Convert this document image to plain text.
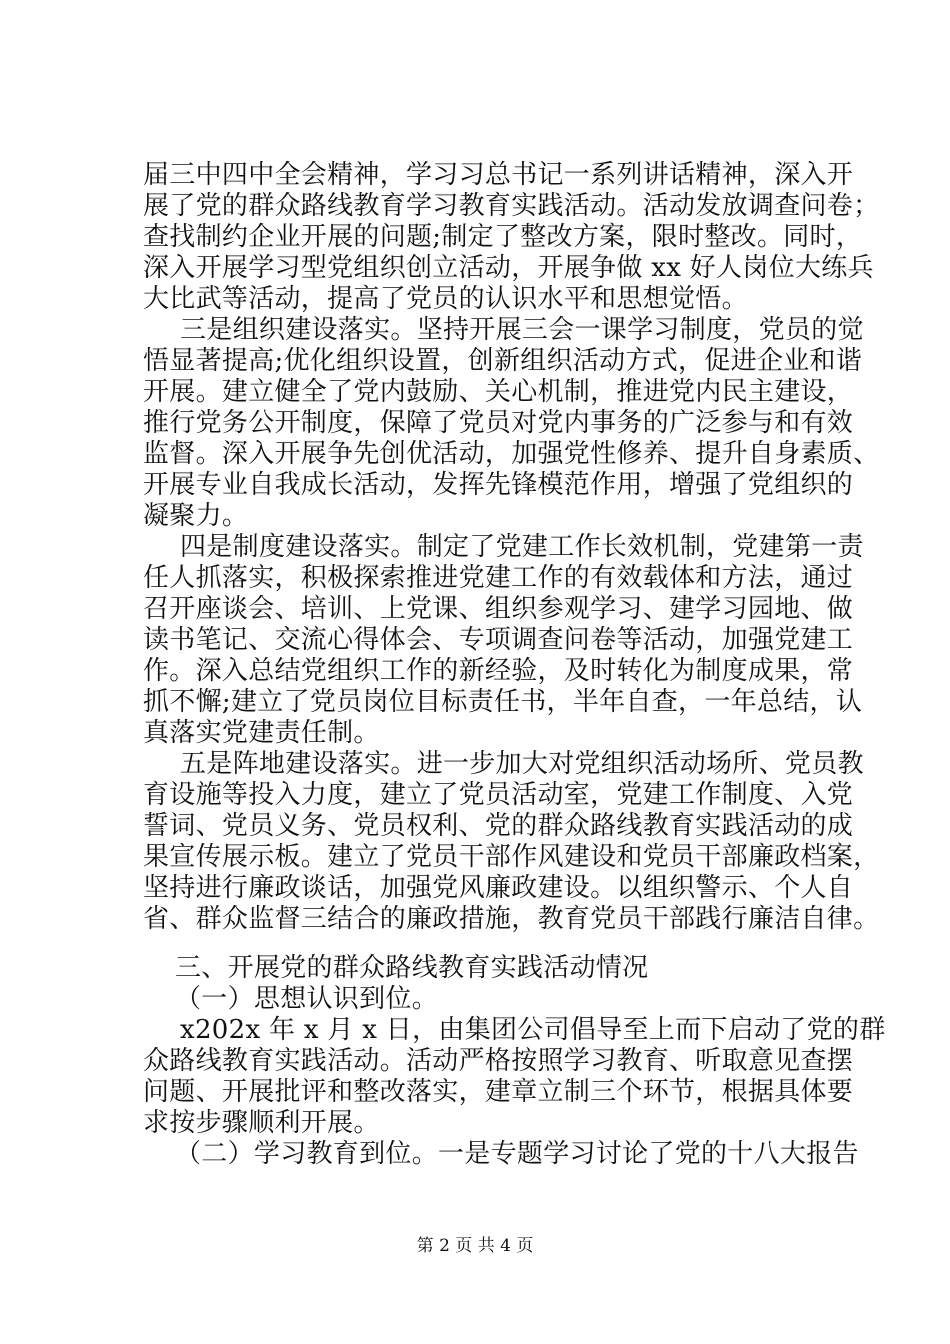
届三中四中全会精神，学习习总书记一系列讲话精神，深入开
展了党的群众路线教育学习教育实践活动。活动发放调查问卷；
查找制约企业开展的问题;制定了整改方案，限时整改。同时，
深入开展学习型党组织创立活动，开展争做 xx 好人岗位大练兵
大比武等活动，提高了党员的认识水平和思想觉悟。
三是组织建设落实。坚持开展三会一课学习制度，党员的觉
悟显著提高;优化组织设置，创新组织活动方式，促进企业和谐
开展。建立健全了党内鼓励、关心机制，推进党内民主建设，
推行党务公开制度，保障了党员对党内事务的广泛参与和有效
监督。深入开展争先创优活动，加强党性修养、提升自身素质、
开展专业自我成长活动，发挥先锋模范作用，增强了党组织的
凝聚力。
四是制度建设落实。制定了党建工作长效机制，党建第一责
任人抓落实，积极探索推进党建工作的有效载体和方法，通过
召开座谈会、培训、上党课、组织参观学习、建学习园地、做
读书笔记、交流心得体会、专项调查问卷等活动，加强党建工
作。深入总结党组织工作的新经验，及时转化为制度成果，常
抓不懈;建立了党员岗位目标责任书，半年自查，一年总结，认
真落实党建责任制。
五是阵地建设落实。进一步加大对党组织活动场所、党员教
育设施等投入力度，建立了党员活动室，党建工作制度、入党
誓词、党员义务、党员权利、党的群众路线教育实践活动的成
果宣传展示板。建立了党员干部作风建设和党员干部廉政档案，
坚持进行廉政谈话，加强党风廉政建设。以组织警示、个人自
省、群众监督三结合的廉政措施，教育党员干部践行廉洁自律。
三、开展党的群众路线教育实践活动情况
（一）思想认识到位。
x202x 年 x 月 x 日，由集团公司倡导至上而下启动了党的群
众路线教育实践活动。活动严格按照学习教育、听取意见查摆
问题、开展批评和整改落实，建章立制三个环节，根据具体要
求按步骤顺利开展。
（二）学习教育到位。一是专题学习讨论了党的十八大报告
第 2 页 共 4 页
